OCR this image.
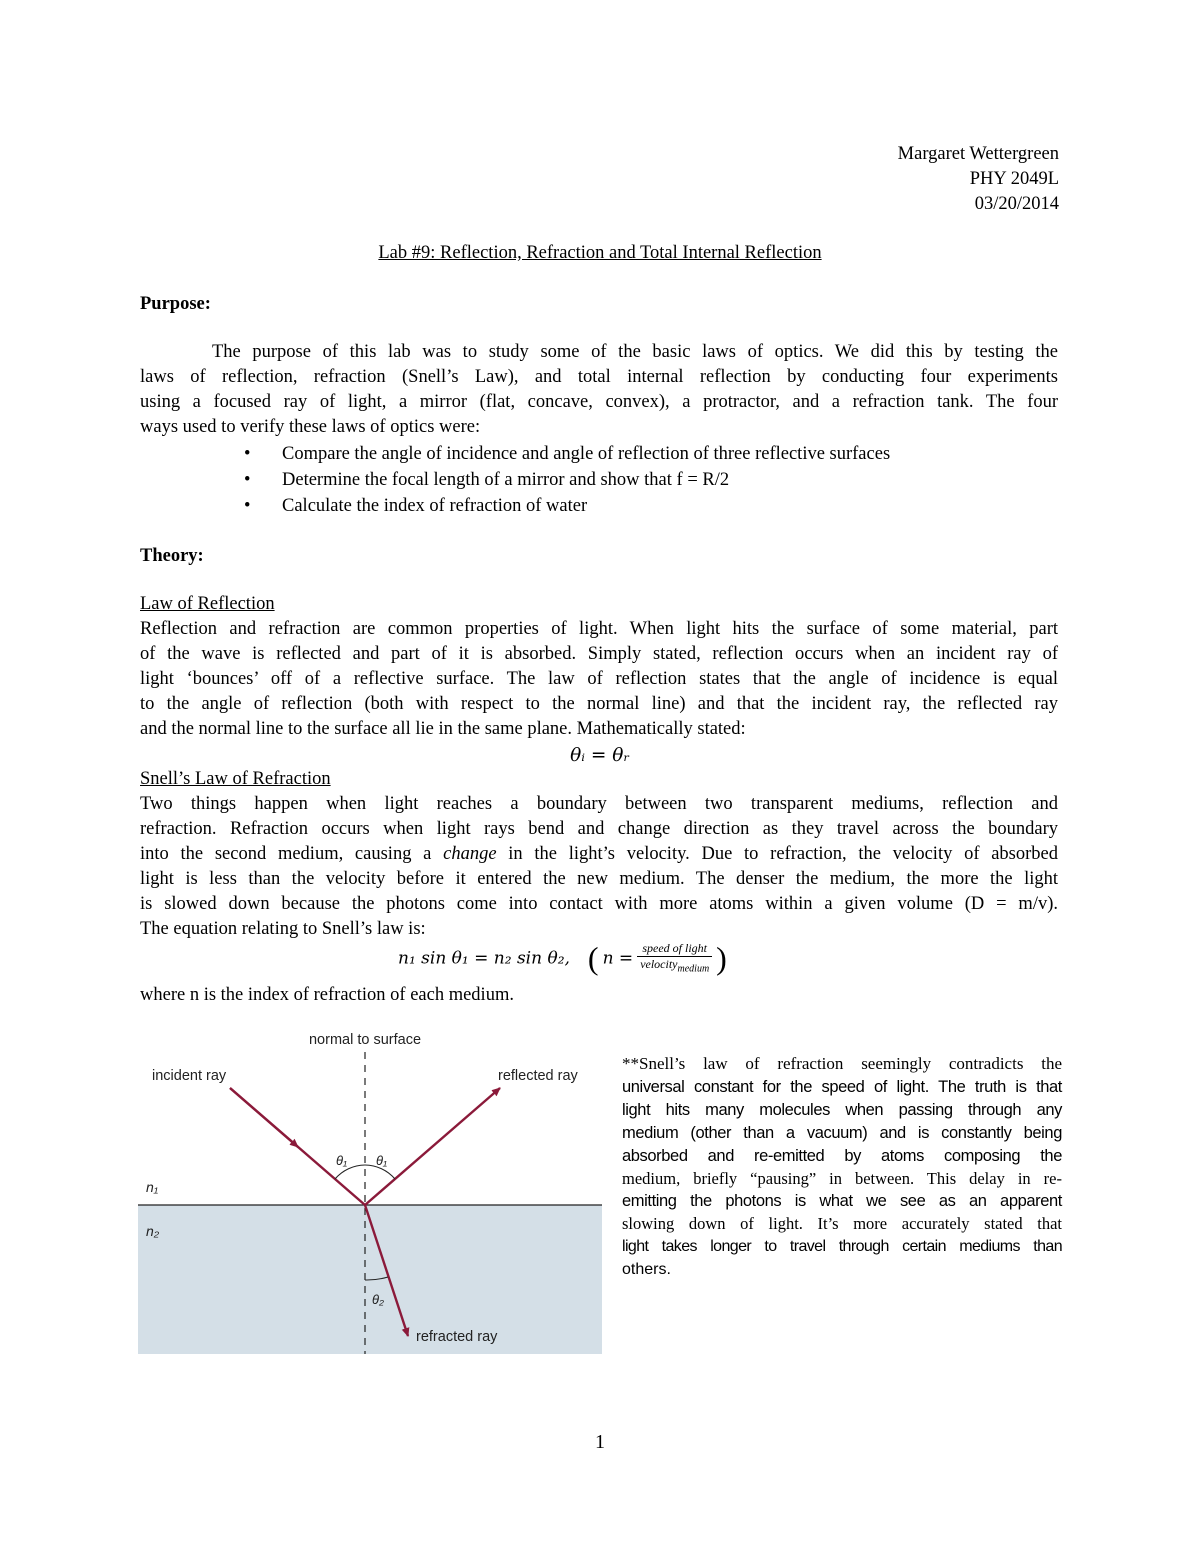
Margaret Wettergreen
PHY 2049L
03/20/2014
Lab #9: Reflection, Refraction and Total Internal Reflection
Purpose:
The purpose of this lab was to study some of the basic laws of optics. We did this by testing the
laws of reflection, refraction (Snell’s Law), and total internal reflection by conducting four experiments
using a focused ray of light, a mirror (flat, concave, convex), a protractor, and a refraction tank. The four
ways used to verify these laws of optics were:
• Compare the angle of incidence and angle of reflection of three reflective surfaces
• Determine the focal length of a mirror and show that f = R/2
• Calculate the index of refraction of water
Theory:
Law of Reflection
Reflection and refraction are common properties of light. When light hits the surface of some material, part
of the wave is reflected and part of it is absorbed. Simply stated, reflection occurs when an incident ray of
light ‘bounces’ off of a reflective surface. The law of reflection states that the angle of incidence is equal
to the angle of reflection (both with respect to the normal line) and that the incident ray, the reflected ray
and the normal line to the surface all lie in the same plane. Mathematically stated:
θᵢ = θᵣ
Snell’s Law of Refraction
Two things happen when light reaches a boundary between two transparent mediums, reflection and
refraction. Refraction occurs when light rays bend and change direction as they travel across the boundary
into the second medium, causing a change in the light’s velocity. Due to refraction, the velocity of absorbed
light is less than the velocity before it entered the new medium. The denser the medium, the more the light
is slowed down because the photons come into contact with more atoms within a given volume (D = m/v).
The equation relating to Snell’s law is:
n₁ sin θ₁ = n₂ sin θ₂, ( $n = \frac{\text{speed of light}}{velocity_{medium}}$ )
where n is the index of refraction of each medium.
normal to surface
incident ray	reflected ray
refracted ray
n₁
n₂
θ₁ θ₁
θ₂
**Snell’s law of refraction seemingly contradicts the
universal constant for the speed of light. The truth is that
light hits many molecules when passing through any
medium (other than a vacuum) and is constantly being
absorbed and re-emitted by atoms composing the
medium, briefly “pausing” in between. This delay in re-
emitting the photons is what we see as an apparent
slowing down of light. It’s more accurately stated that
light takes longer to travel through certain mediums than
others.
1
